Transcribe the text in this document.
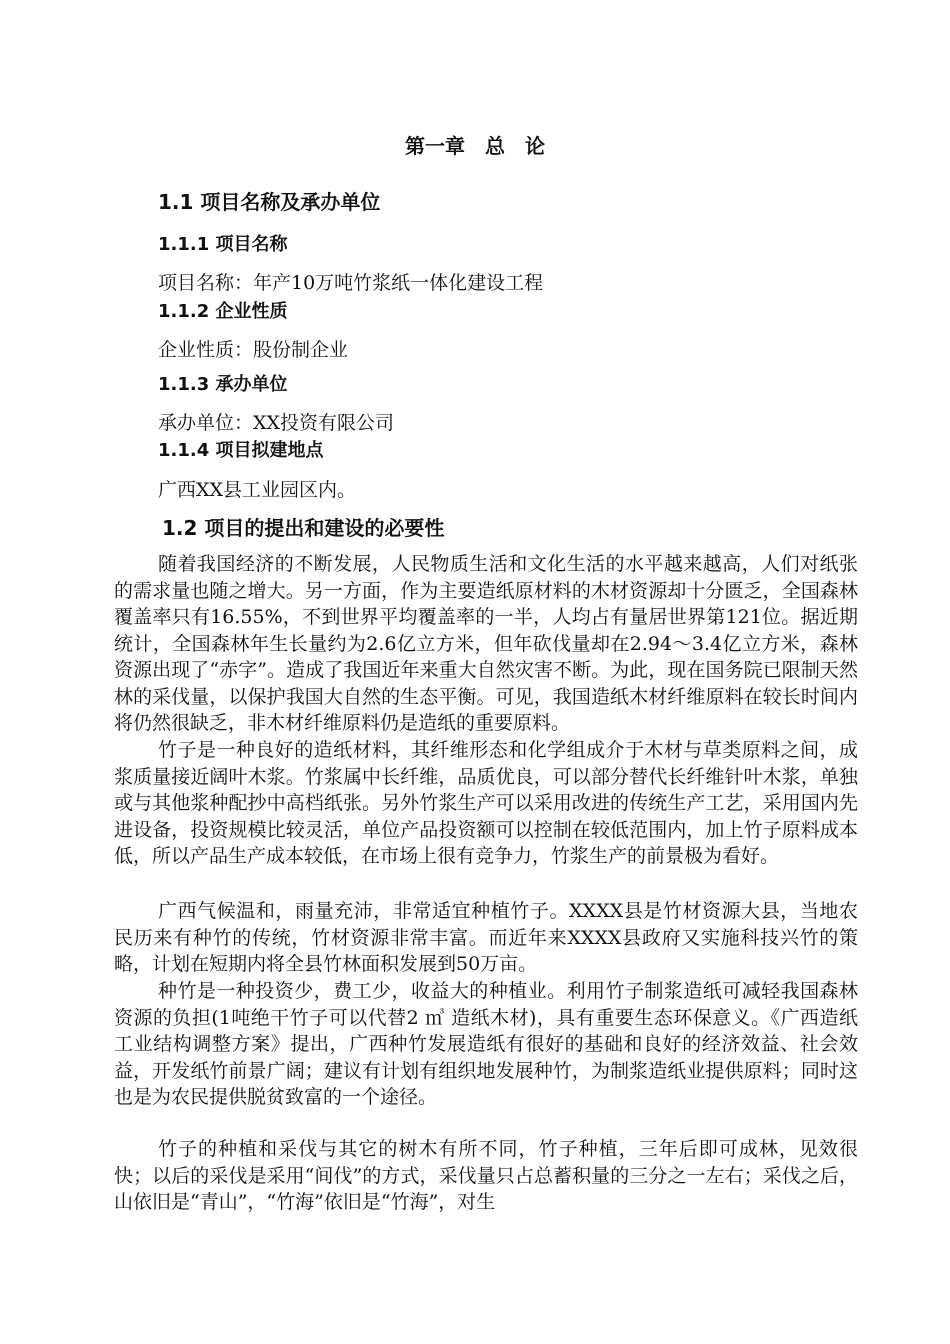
第一章　总　论
1.1 项目名称及承办单位
1.1.1 项目名称
项目名称：年产10万吨竹浆纸一体化建设工程
1.1.2 企业性质
企业性质：股份制企业
1.1.3 承办单位
承办单位：XX投资有限公司
1.1.4 项目拟建地点
广西XX县工业园区内。
1.2 项目的提出和建设的必要性

随着我国经济的不断发展，人民物质生活和文化生活的水平越来越高，人们对纸张的需求量也随之增大。另一方面，作为主要造纸原材料的木材资源却十分匮乏，全国森林覆盖率只有16.55%，不到世界平均覆盖率的一半，人均占有量居世界第121位。据近期统计，全国森林年生长量约为2.6亿立方米，但年砍伐量却在2.94～3.4亿立方米，森林资源出现了“赤字”。造成了我国近年来重大自然灾害不断。为此，现在国务院已限制天然林的采伐量，以保护我国大自然的生态平衡。可见，我国造纸木材纤维原料在较长时间内将仍然很缺乏，非木材纤维原料仍是造纸的重要原料。

竹子是一种良好的造纸材料，其纤维形态和化学组成介于木材与草类原料之间，成浆质量接近阔叶木浆。竹浆属中长纤维，品质优良，可以部分替代长纤维针叶木浆，单独或与其他浆种配抄中高档纸张。另外竹浆生产可以采用改进的传统生产工艺，采用国内先进设备，投资规模比较灵活，单位产品投资额可以控制在较低范围内，加上竹子原料成本低，所以产品生产成本较低，在市场上很有竞争力，竹浆生产的前景极为看好。

广西气候温和，雨量充沛，非常适宜种植竹子。XXXX县是竹材资源大县，当地农民历来有种竹的传统，竹材资源非常丰富。而近年来XXXX县政府又实施科技兴竹的策略，计划在短期内将全县竹林面积发展到50万亩。

种竹是一种投资少，费工少，收益大的种植业。利用竹子制浆造纸可减轻我国森林资源的负担(1吨绝干竹子可以代替2 ㎥ 造纸木材)，具有重要生态环保意义。《广西造纸工业结构调整方案》提出，广西种竹发展造纸有很好的基础和良好的经济效益、社会效益，开发纸竹前景广阔；建议有计划有组织地发展种竹，为制浆造纸业提供原料；同时这也是为农民提供脱贫致富的一个途径。

竹子的种植和采伐与其它的树木有所不同，竹子种植，三年后即可成林，见效很快；以后的采伐是采用“间伐”的方式，采伐量只占总蓄积量的三分之一左右；采伐之后，山依旧是“青山”，“竹海”依旧是“竹海”，对生
